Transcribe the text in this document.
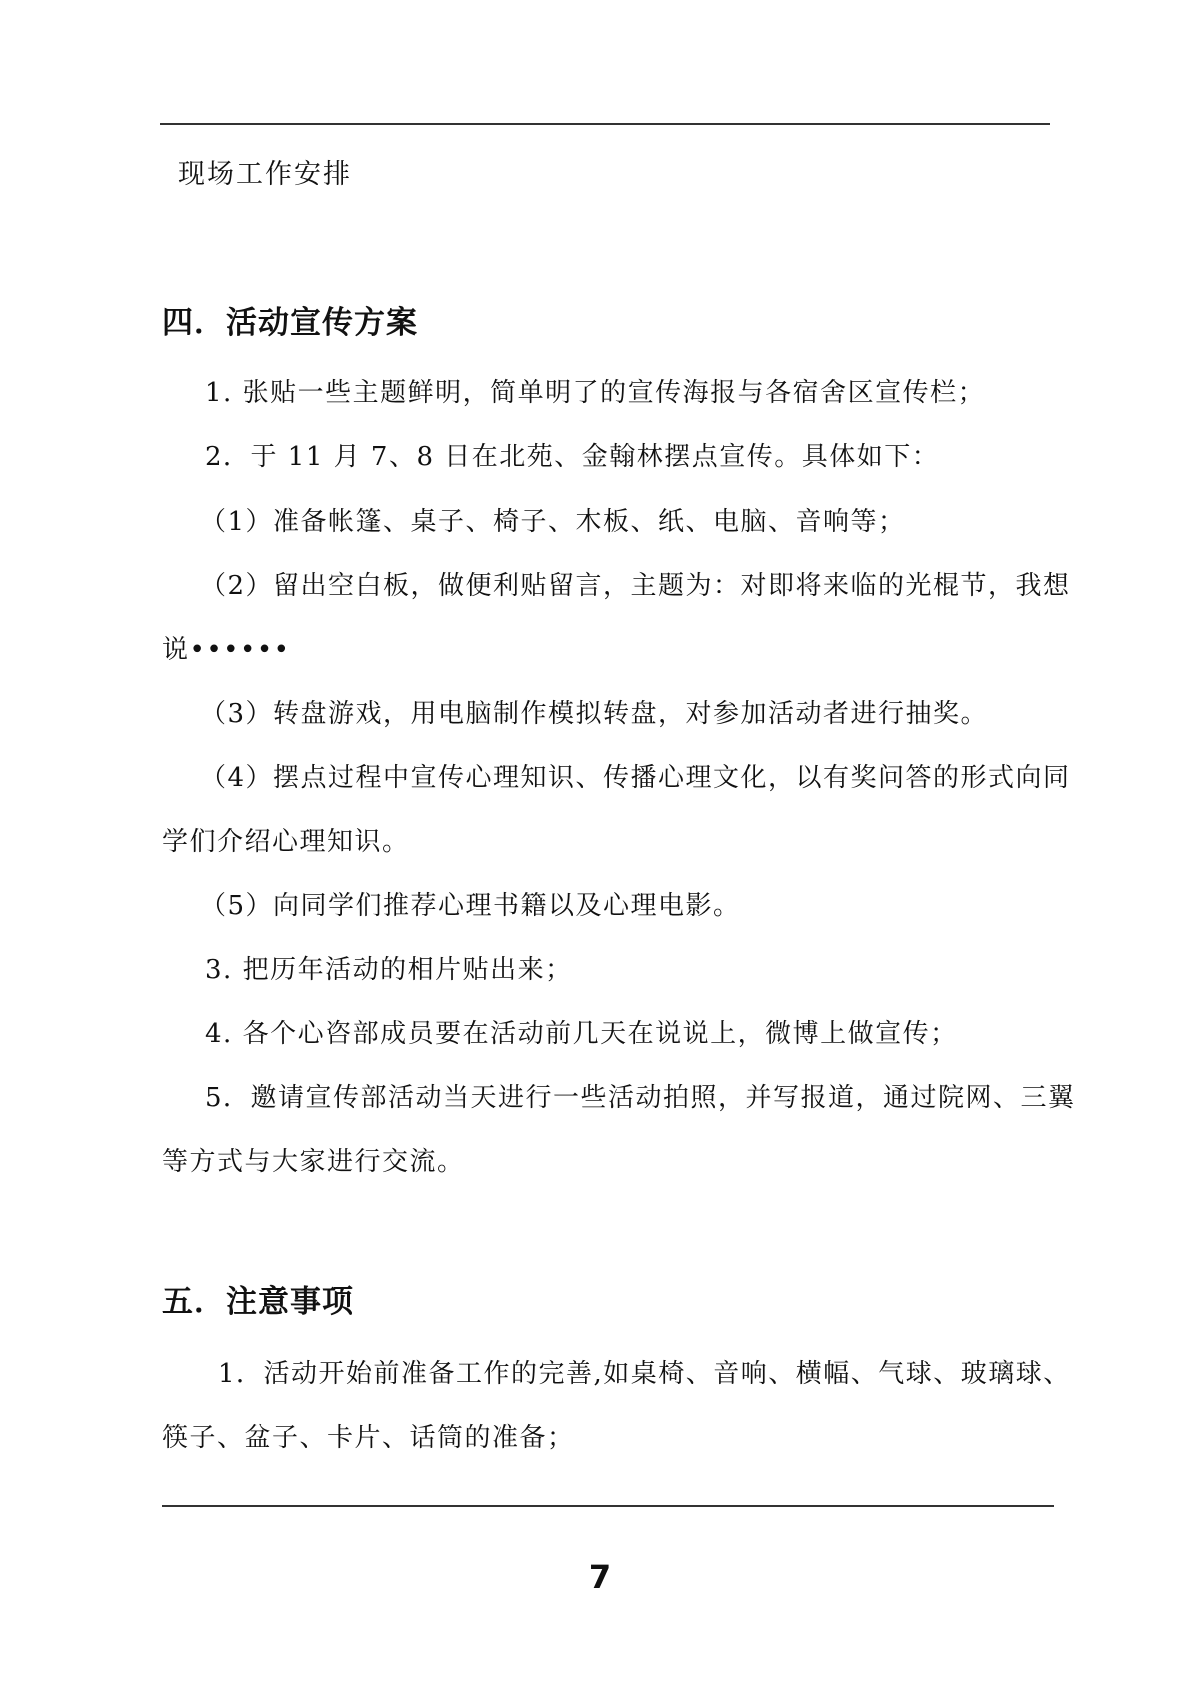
现场工作安排
四．活动宣传方案
1. 张贴一些主题鲜明，简单明了的宣传海报与各宿舍区宣传栏；
2．于 11 月 7、8 日在北苑、金翰林摆点宣传。具体如下：
（1）准备帐篷、桌子、椅子、木板、纸、电脑、音响等；
（2）留出空白板，做便利贴留言，主题为：对即将来临的光棍节，我想
说••••••
（3）转盘游戏，用电脑制作模拟转盘，对参加活动者进行抽奖。
（4）摆点过程中宣传心理知识、传播心理文化，以有奖问答的形式向同
学们介绍心理知识。
（5）向同学们推荐心理书籍以及心理电影。
3. 把历年活动的相片贴出来；
4. 各个心咨部成员要在活动前几天在说说上，微博上做宣传；
5．邀请宣传部活动当天进行一些活动拍照，并写报道，通过院网、三翼
等方式与大家进行交流。
五．注意事项
1．活动开始前准备工作的完善,如桌椅、音响、横幅、气球、玻璃球、
筷子、盆子、卡片、话筒的准备；
7
